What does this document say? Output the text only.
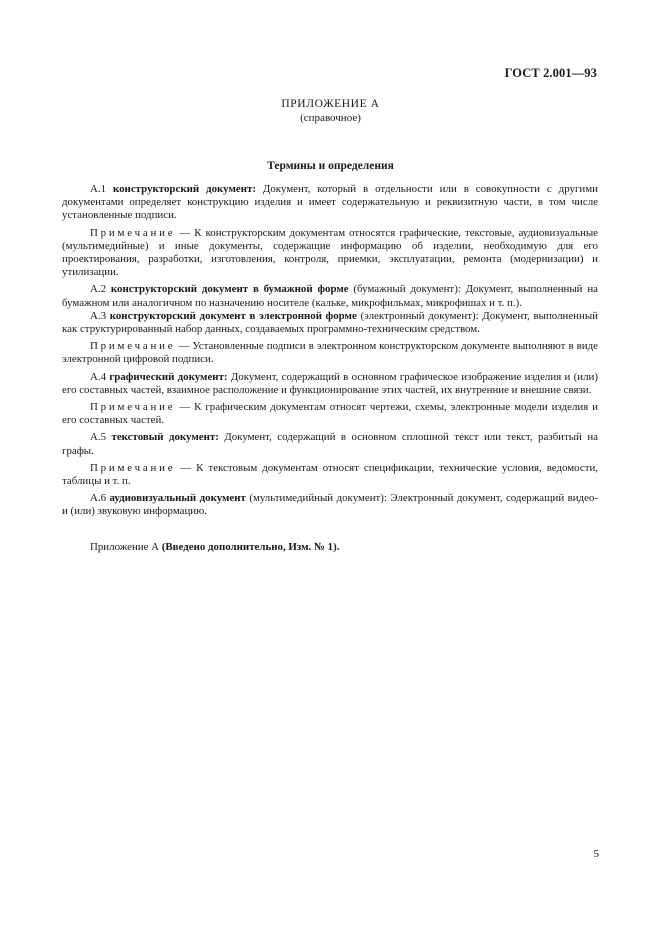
ГОСТ 2.001—93
ПРИЛОЖЕНИЕ А
(справочное)
Термины и определения

А.1 конструкторский документ: Документ, который в отдельности или в совокупности с другими документами определяет конструкцию изделия и имеет содержательную и реквизитную части, в том числе установленные подписи.

Примечание — К конструкторским документам относятся графические, текстовые, аудиовизуальные (мультимедийные) и иные документы, содержащие информацию об изделии, необходимую для его проектирования, разработки, изготовления, контроля, приемки, эксплуатации, ремонта (модернизации) и утилизации.

А.2 конструкторский документ в бумажной форме (бумажный документ): Документ, выполненный на бумажном или аналогичном по назначению носителе (кальке, микрофильмах, микрофишах и т. п.).

А.3 конструкторский документ в электронной форме (электронный документ): Документ, выполненный как структурированный набор данных, создаваемых программно-техническим средством.

Примечание — Установленные подписи в электронном конструкторском документе выполняют в виде электронной цифровой подписи.

А.4 графический документ: Документ, содержащий в основном графическое изображение изделия и (или) его составных частей, взаимное расположение и функционирование этих частей, их внутренние и внешние связи.

Примечание — К графическим документам относят чертежи, схемы, электронные модели изделия и его составных частей.

А.5 текстовый документ: Документ, содержащий в основном сплошной текст или текст, разбитый на графы.

Примечание — К текстовым документам относят спецификации, технические условия, ведомости, таблицы и т. п.

А.6 аудиовизуальный документ (мультимедийный документ): Электронный документ, содержащий видео- и (или) звуковую информацию.

Приложение А (Введено дополнительно, Изм. № 1).

5
